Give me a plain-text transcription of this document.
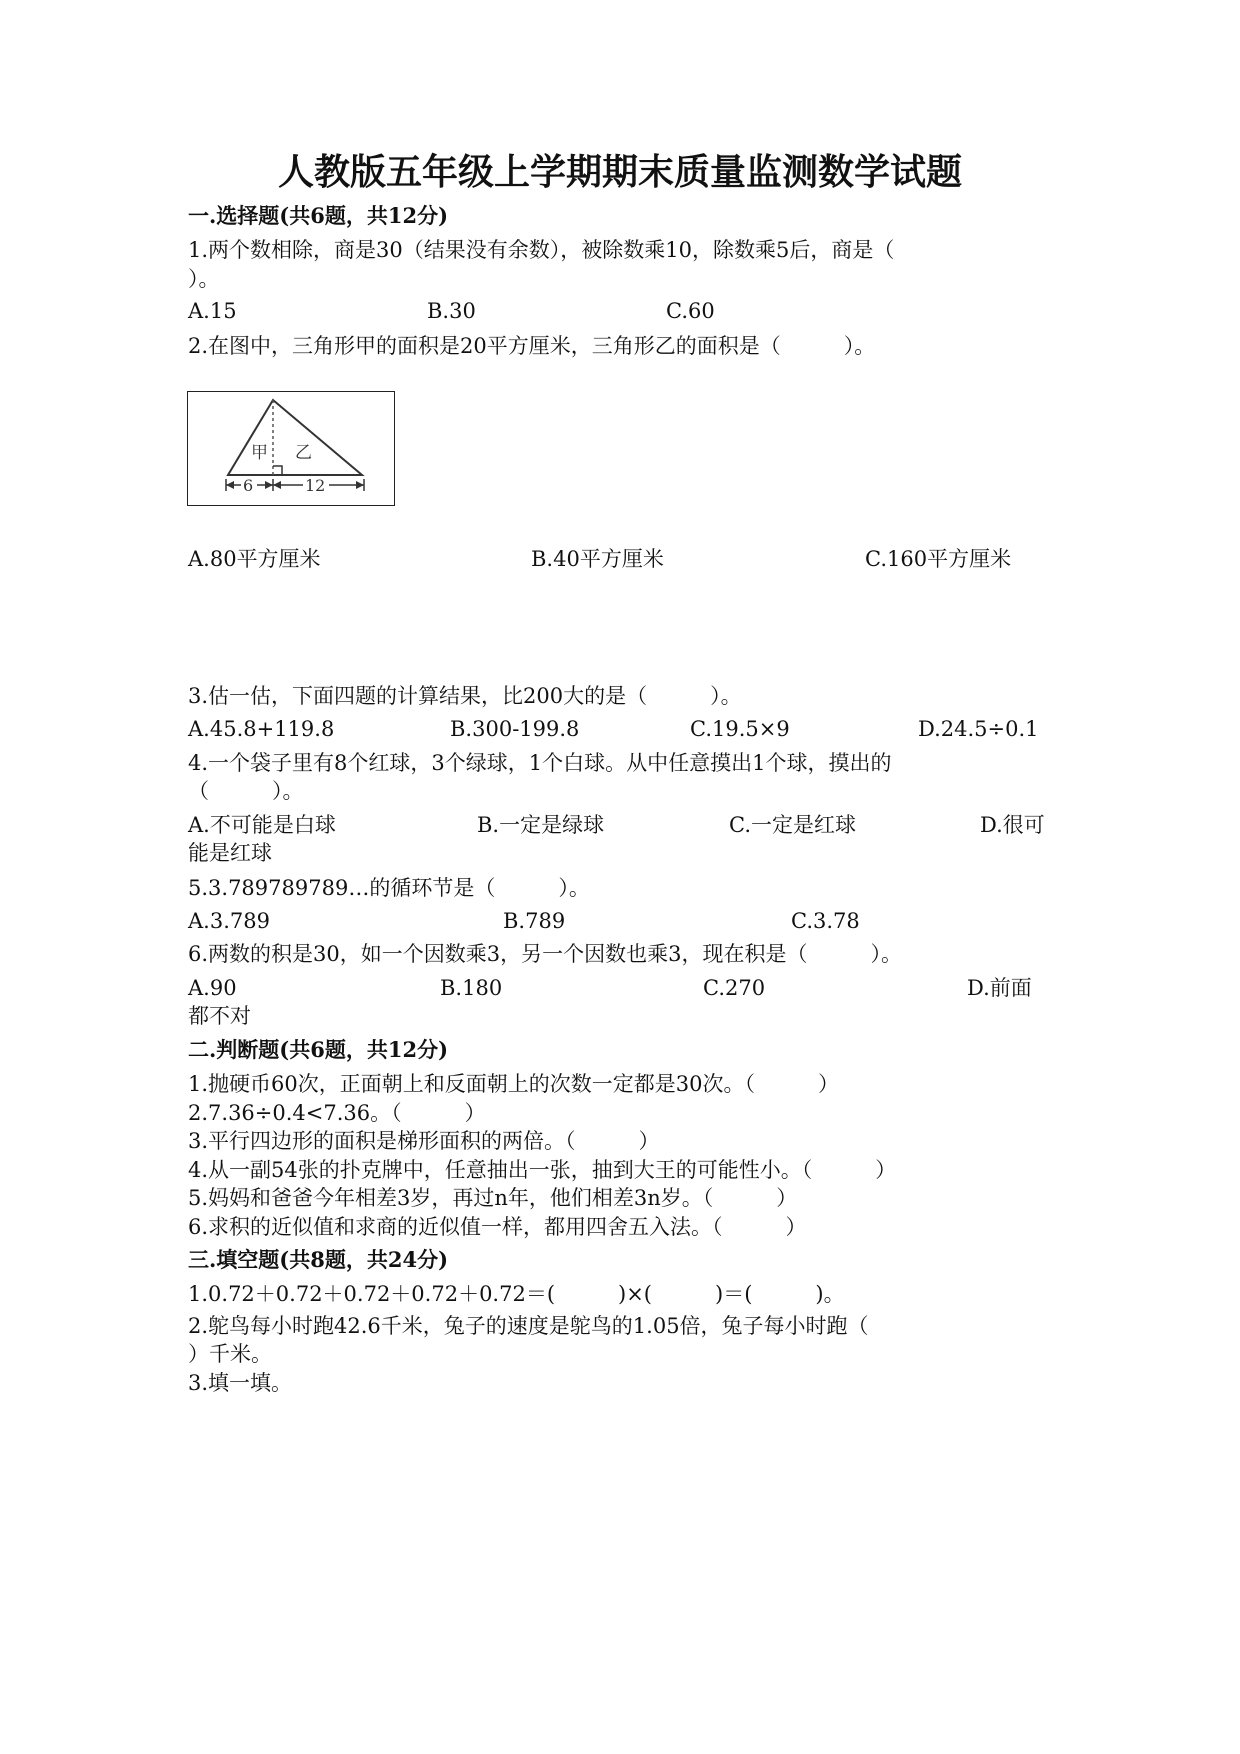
人教版五年级上学期期末质量监测数学试题
一.选择题(共6题，共12分)
1.两个数相除，商是30（结果没有余数），被除数乘10，除数乘5后，商是（
）。
A.15	B.30	C.60
2.在图中，三角形甲的面积是20平方厘米，三角形乙的面积是（　　　）。
甲 乙
6	12
A.80平方厘米	B.40平方厘米	C.160平方厘米
3.估一估，下面四题的计算结果，比200大的是（　　　）。
A.45.8+119.8	B.300-199.8	C.19.5×9	D.24.5÷0.1
4.一个袋子里有8个红球，3个绿球，1个白球。从中任意摸出1个球，摸出的
（　　　）。
A.不可能是白球	B.一定是绿球	C.一定是红球	D.很可
能是红球
5.3.789789789…的循环节是（　　　）。
A.3.789	B.789	C.3.78
6.两数的积是30，如一个因数乘3，另一个因数也乘3，现在积是（　　　）。
A.90	B.180	C.270	D.前面
都不对
二.判断题(共6题，共12分)
1.抛硬币60次，正面朝上和反面朝上的次数一定都是30次。（　　　）
2.7.36÷0.4<7.36。（　　　）
3.平行四边形的面积是梯形面积的两倍。（　　　）
4.从一副54张的扑克牌中，任意抽出一张，抽到大王的可能性小。（　　　）
5.妈妈和爸爸今年相差3岁，再过n年，他们相差3n岁。（　　　）
6.求积的近似值和求商的近似值一样，都用四舍五入法。（　　　）
三.填空题(共8题，共24分)
1.0.72＋0.72＋0.72＋0.72＋0.72＝(　　　)×(　　　)＝(　　　)。
2.鸵鸟每小时跑42.6千米，兔子的速度是鸵鸟的1.05倍，兔子每小时跑（
）千米。
3.填一填。
